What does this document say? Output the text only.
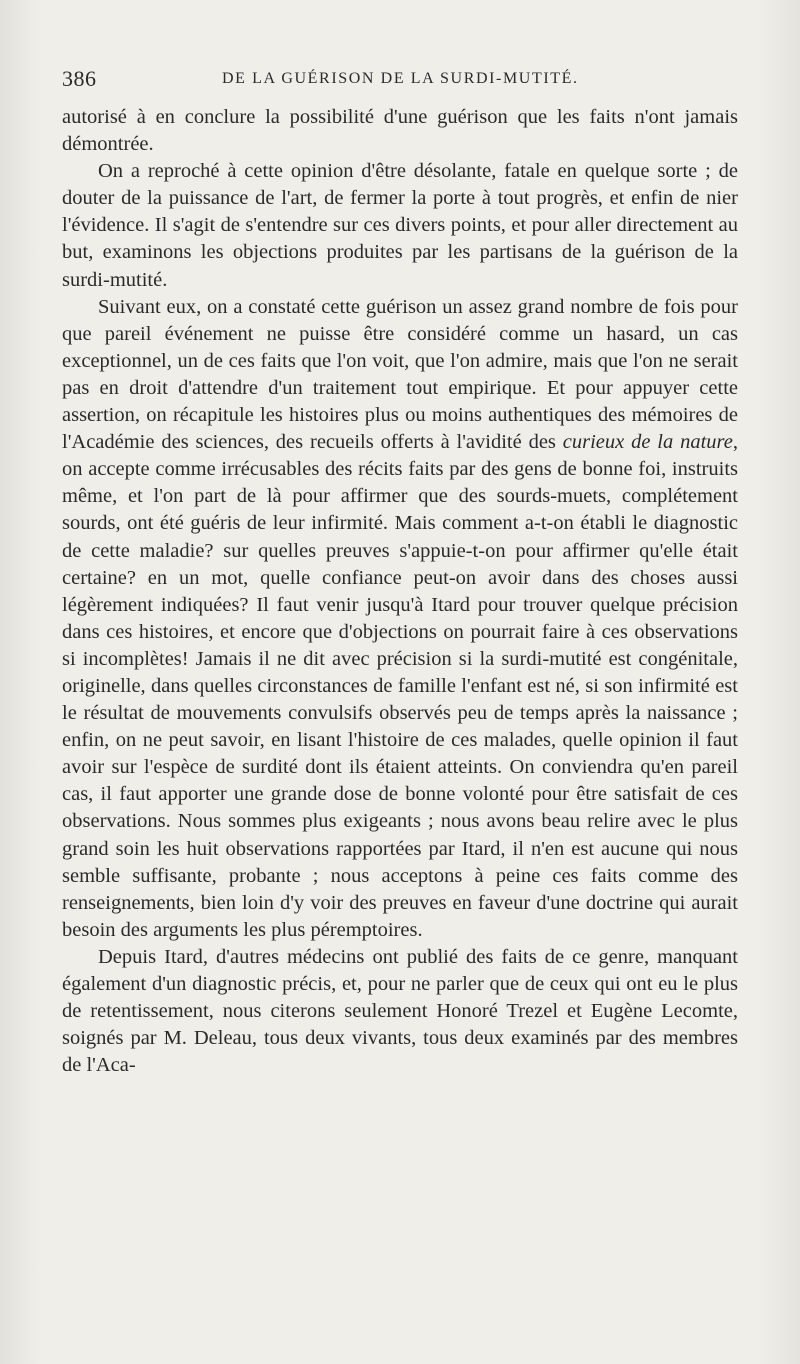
386	DE LA GUÉRISON DE LA SURDI-MUTITÉ.

autorisé à en conclure la possibilité d'une guérison que les faits n'ont jamais démontrée.

On a reproché à cette opinion d'être désolante, fatale en quelque sorte ; de douter de la puissance de l'art, de fermer la porte à tout progrès, et enfin de nier l'évidence. Il s'agit de s'entendre sur ces divers points, et pour aller directement au but, examinons les objections produites par les partisans de la guérison de la surdi-mutité.

Suivant eux, on a constaté cette guérison un assez grand nombre de fois pour que pareil événement ne puisse être considéré comme un hasard, un cas exceptionnel, un de ces faits que l'on voit, que l'on admire, mais que l'on ne serait pas en droit d'attendre d'un traitement tout empirique. Et pour appuyer cette assertion, on récapitule les histoires plus ou moins authentiques des mémoires de l'Académie des sciences, des recueils offerts à l'avidité des curieux de la nature, on accepte comme irrécusables des récits faits par des gens de bonne foi, instruits même, et l'on part de là pour affirmer que des sourds-muets, complétement sourds, ont été guéris de leur infirmité. Mais comment a-t-on établi le diagnostic de cette maladie? sur quelles preuves s'appuie-t-on pour affirmer qu'elle était certaine? en un mot, quelle confiance peut-on avoir dans des choses aussi légèrement indiquées? Il faut venir jusqu'à Itard pour trouver quelque précision dans ces histoires, et encore que d'objections on pourrait faire à ces observations si incomplètes! Jamais il ne dit avec précision si la surdi-mutité est congénitale, originelle, dans quelles circonstances de famille l'enfant est né, si son infirmité est le résultat de mouvements convulsifs observés peu de temps après la naissance ; enfin, on ne peut savoir, en lisant l'histoire de ces malades, quelle opinion il faut avoir sur l'espèce de surdité dont ils étaient atteints. On conviendra qu'en pareil cas, il faut apporter une grande dose de bonne volonté pour être satisfait de ces observations. Nous sommes plus exigeants ; nous avons beau relire avec le plus grand soin les huit observations rapportées par Itard, il n'en est aucune qui nous semble suffisante, probante ; nous acceptons à peine ces faits comme des renseignements, bien loin d'y voir des preuves en faveur d'une doctrine qui aurait besoin des arguments les plus péremptoires.

Depuis Itard, d'autres médecins ont publié des faits de ce genre, manquant également d'un diagnostic précis, et, pour ne parler que de ceux qui ont eu le plus de retentissement, nous citerons seulement Honoré Trezel et Eugène Lecomte, soignés par M. Deleau, tous deux vivants, tous deux examinés par des membres de l'Aca-
